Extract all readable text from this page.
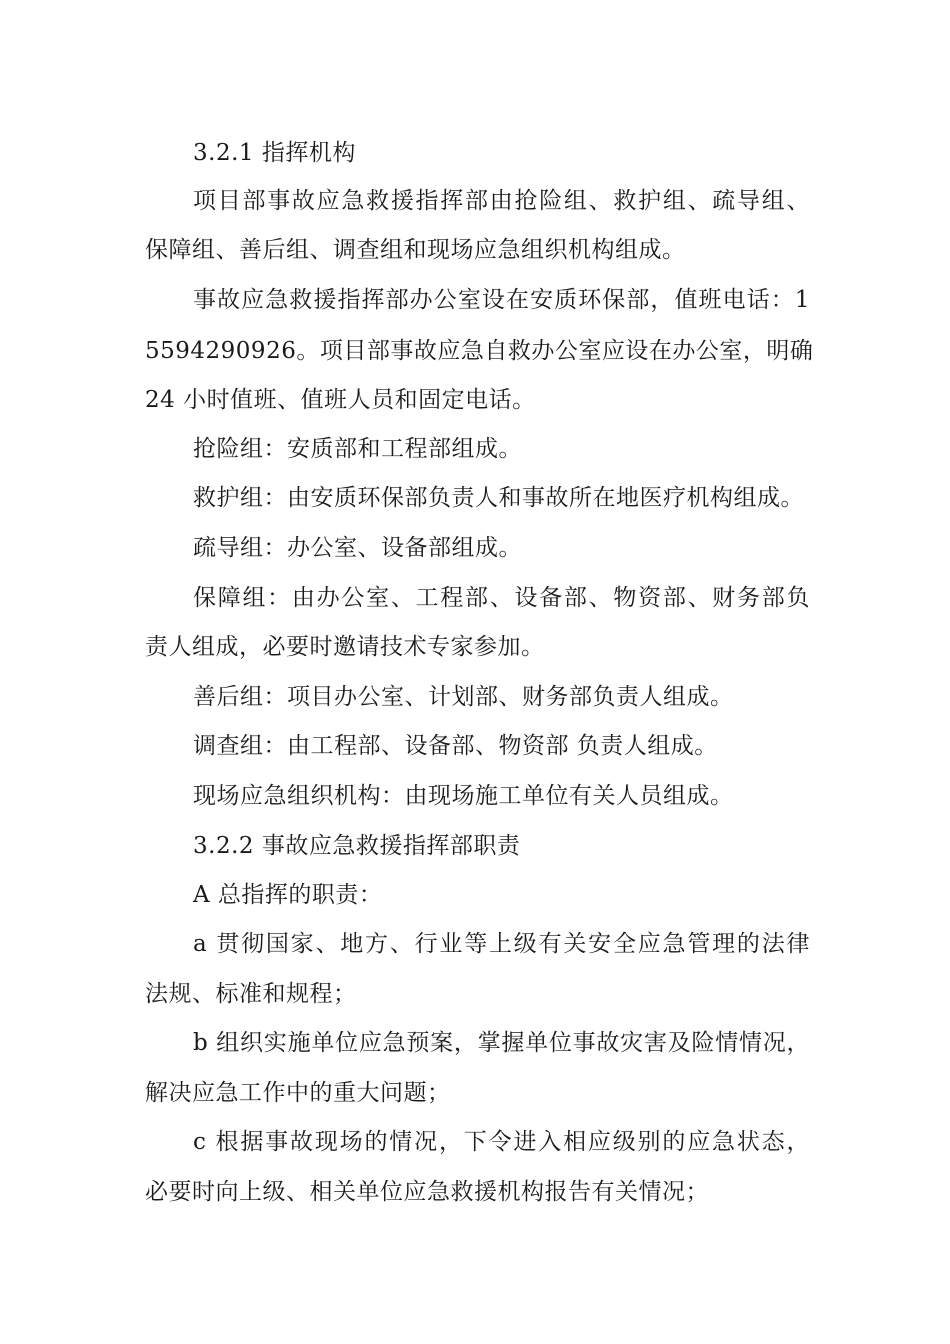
3.2.1 指挥机构
项目部事故应急救援指挥部由抢险组、救护组、疏导组、
保障组、善后组、调查组和现场应急组织机构组成。
事故应急救援指挥部办公室设在安质环保部，值班电话：1
5594290926。项目部事故应急自救办公室应设在办公室，明确
24 小时值班、值班人员和固定电话。
抢险组：安质部和工程部组成。
救护组：由安质环保部负责人和事故所在地医疗机构组成。
疏导组：办公室、设备部组成。
保障组：由办公室、工程部、设备部、物资部、财务部负
责人组成，必要时邀请技术专家参加。
善后组：项目办公室、计划部、财务部负责人组成。
调查组：由工程部、设备部、物资部 负责人组成。
现场应急组织机构：由现场施工单位有关人员组成。
3.2.2 事故应急救援指挥部职责
A 总指挥的职责：
a 贯彻国家、地方、行业等上级有关安全应急管理的法律
法规、标准和规程；
b 组织实施单位应急预案，掌握单位事故灾害及险情情况，
解决应急工作中的重大问题；
c 根据事故现场的情况，下令进入相应级别的应急状态，
必要时向上级、相关单位应急救援机构报告有关情况；
